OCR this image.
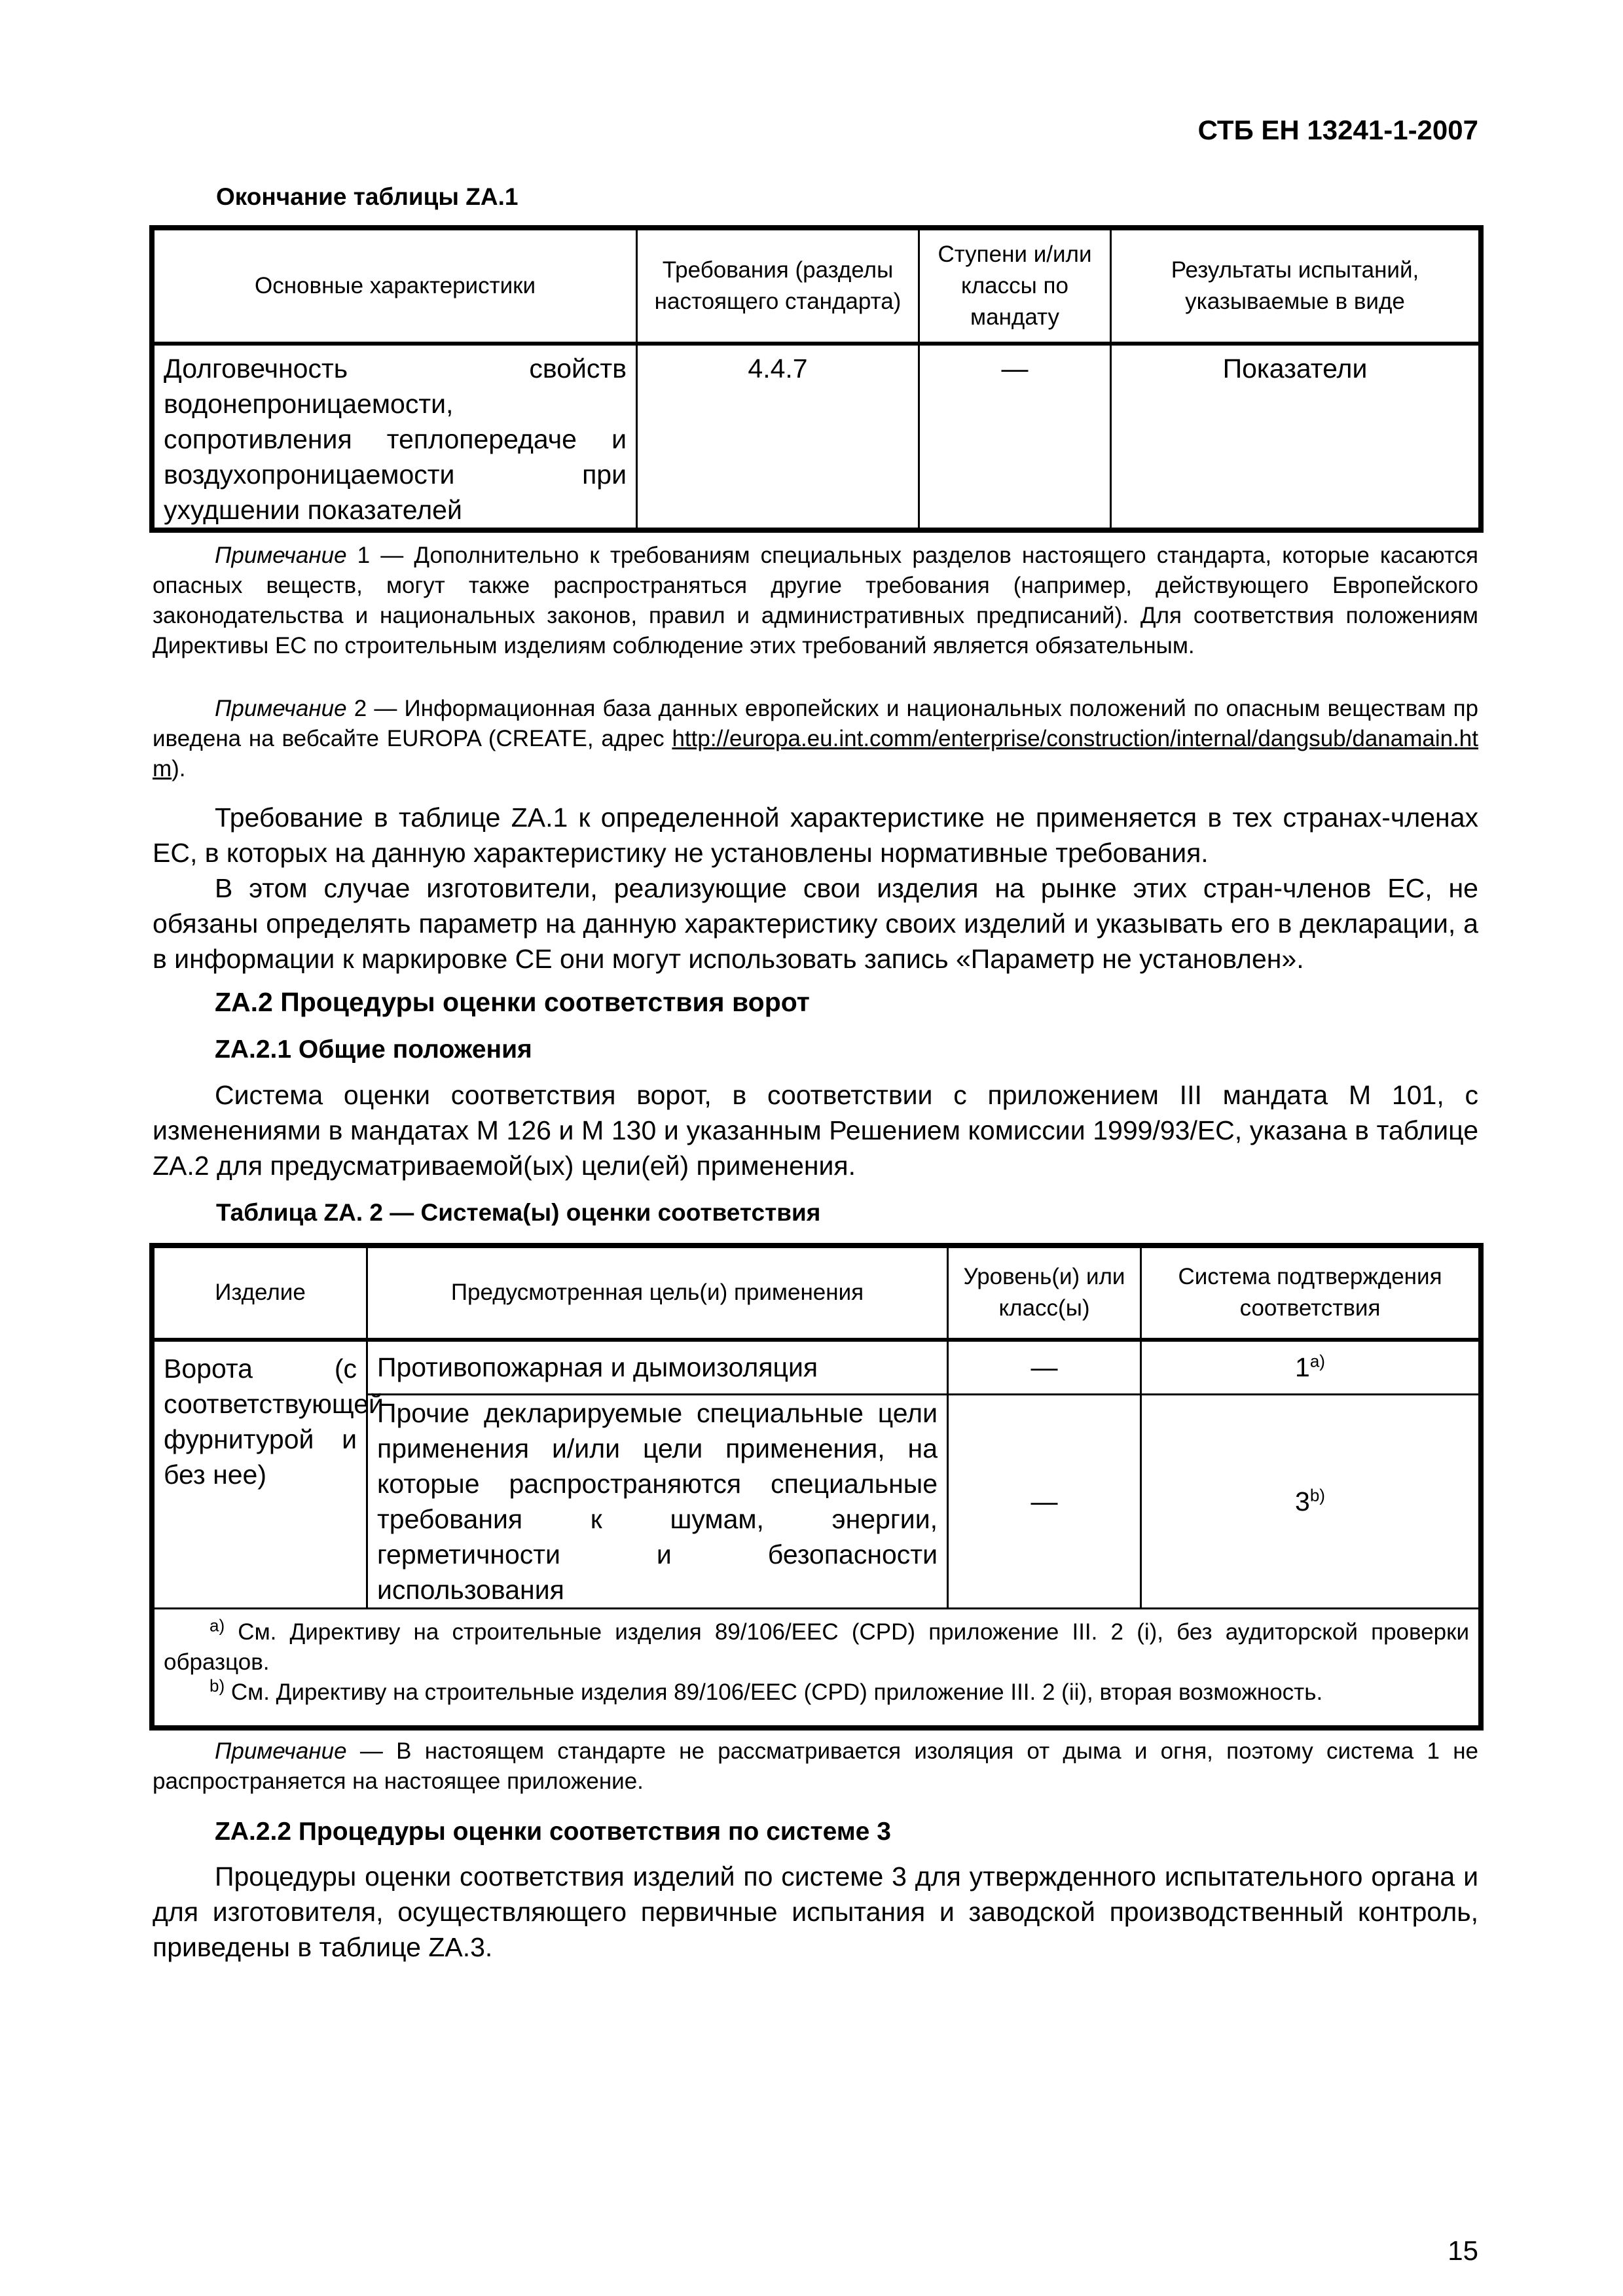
СТБ ЕН 13241-1-2007
Окончание таблицы ZA.1
Основные характеристики	Требования (разделы настоящего стандарта)	Ступени и/или классы по мандату	Результаты испытаний, указываемые в виде
Долговечность свойств водонепроницаемости, сопротивления теплопередаче и воздухопроницаемости при ухудшении показателей	4.4.7	—	Показатели
Примечание 1 — Дополнительно к требованиям специальных разделов настоящего стандарта, которые касаются опасных веществ, могут также распространяться другие требования (например, действующего Европейского законодательства и национальных законов, правил и административных предписаний). Для соответствия положениям Директивы ЕС по строительным изделиям соблюдение этих требований является обязательным.
Примечание 2 — Информационная база данных европейских и национальных положений по опасным веществам приведена на вебсайте EUROPA (CREATE, адрес http://europa.eu.int.comm/enterprise/construction/internal/dangsub/danamain.htm).
Требование в таблице ZA.1 к определенной характеристике не применяется в тех странах-членах ЕС, в которых на данную характеристику не установлены нормативные требования.
В этом случае изготовители, реализующие свои изделия на рынке этих стран-членов ЕС, не обязаны определять параметр на данную характеристику своих изделий и указывать его в декларации, а в информации к маркировке СЕ они могут использовать запись «Параметр не установлен».
ZA.2 Процедуры оценки соответствия ворот
ZA.2.1 Общие положения
Система оценки соответствия ворот, в соответствии с приложением III мандата М 101, с изменениями в мандатах М 126 и М 130 и указанным Решением комиссии 1999/93/ЕС, указана в таблице ZA.2 для предусматриваемой(ых) цели(ей) применения.
Таблица ZA. 2 — Система(ы) оценки соответствия
Изделие	Предусмотренная цель(и) применения	Уровень(и) или класс(ы)	Система подтверждения соответствия
Ворота (с соответствующей фурнитурой и без нее)	Противопожарная и дымоизоляция	—	1$^{a)}$
	Прочие декларируемые специальные цели применения и/или цели применения, на которые распространяются специальные требования к шумам, энергии, герметичности и безопасности использования	—	3$^{b)}$

$^{a)}$ См. Директиву на строительные изделия 89/106/EEC (CPD) приложение III. 2 (i), без аудиторской проверки образцов.
$^{b)}$ См. Директиву на строительные изделия 89/106/EEC (CPD) приложение III. 2 (ii), вторая возможность.			
Примечание — В настоящем стандарте не рассматривается изоляция от дыма и огня, поэтому система 1 не распространяется на настоящее приложение.
ZA.2.2 Процедуры оценки соответствия по системе 3
Процедуры оценки соответствия изделий по системе 3 для утвержденного испытательного органа и для изготовителя, осуществляющего первичные испытания и заводской производственный контроль, приведены в таблице ZA.3.
15
